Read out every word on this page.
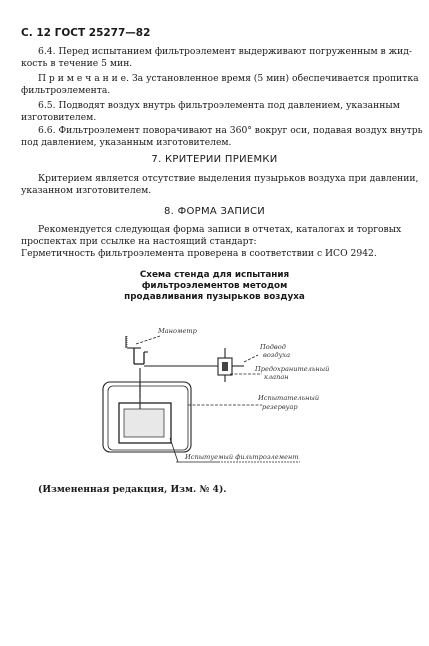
С. 12 ГОСТ 25277—82
6.4. Перед испытанием фильтроэлемент выдерживают погруженным в жид-
кость в течение 5 мин.
П р и м е ч а н и е. За установленное время (5 мин) обеспечивается пропитка
фильтроэлемента.
6.5. Подводят воздух внутрь фильтроэлемента под давлением, указанным
изготовителем.
6.6. Фильтроэлемент поворачивают на 360° вокруг оси, подавая воздух внутрь
под давлением, указанным изготовителем.
7. КРИТЕРИИ ПРИЕМКИ
Критерием является отсутствие выделения пузырьков воздуха при давлении,
указанном изготовителем.
8. ФОРМА ЗАПИСИ
Рекомендуется следующая форма записи в отчетах, каталогах и торговых
проспектах при ссылке на настоящий стандарт:
Герметичность фильтроэлемента проверена в соответствии с ИСО 2942.
Схема стенда для испытания
фильтроэлементов методом
продавливания пузырьков воздуха
Манометр
Подвод
воздуха
Предохранительный
клапан
Испытательный
резервуар
Испытуемый фильтроэлемент
(Измененная редакция, Изм. № 4).
